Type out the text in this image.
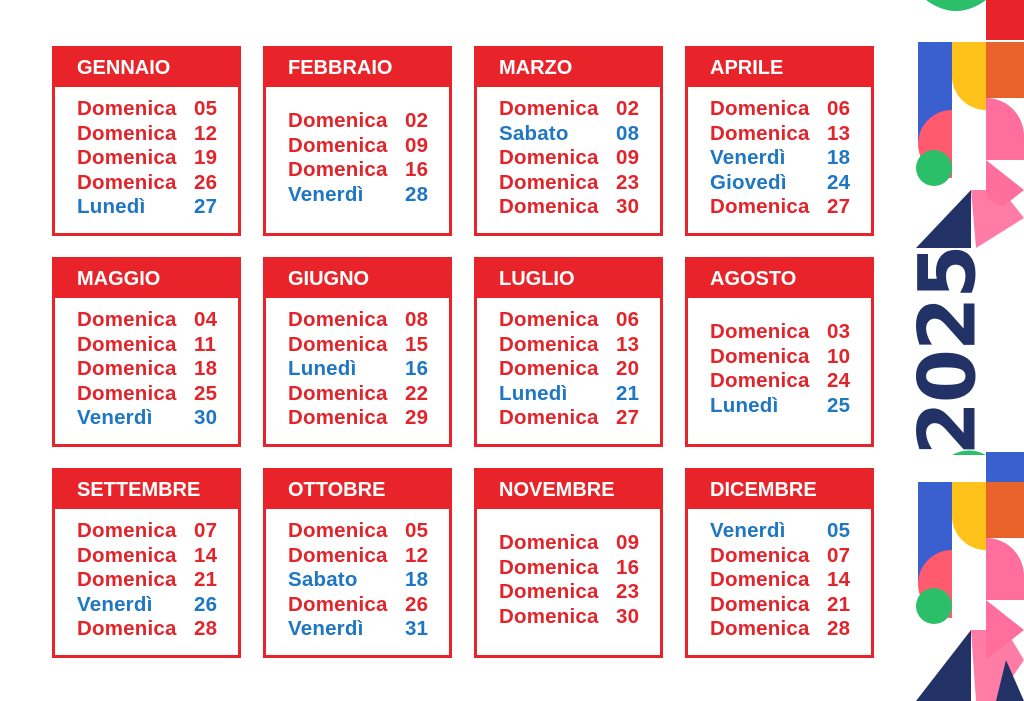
GENNAIO
Domenica 05
Domenica 12
Domenica 19
Domenica 26
Lunedì	27
FEBBRAIO
Domenica 02
Domenica 09
Domenica 16
Venerdì	28
MARZO
Domenica 02
Sabato	08
Domenica 09
Domenica 23
Domenica 30
APRILE
Domenica 06
Domenica 13
Venerdì	18
Giovedì	24
Domenica 27
MAGGIO
Domenica 04
Domenica 11
Domenica 18
Domenica 25
Venerdì	30
GIUGNO
Domenica 08
Domenica 15
Lunedì	16
Domenica 22
Domenica 29
LUGLIO
Domenica 06
Domenica 13
Domenica 20
Lunedì	21
Domenica 27
AGOSTO
Domenica 03
Domenica 10
Domenica 24
Lunedì	25
SETTEMBRE
Domenica 07
Domenica 14
Domenica 21
Venerdì	26
Domenica 28
OTTOBRE
Domenica 05
Domenica 12
Sabato	18
Domenica 26
Venerdì	31
NOVEMBRE
Domenica 09
Domenica 16
Domenica 23
Domenica 30
DICEMBRE
Venerdì	05
Domenica 07
Domenica 14
Domenica 21
Domenica 28
2025
